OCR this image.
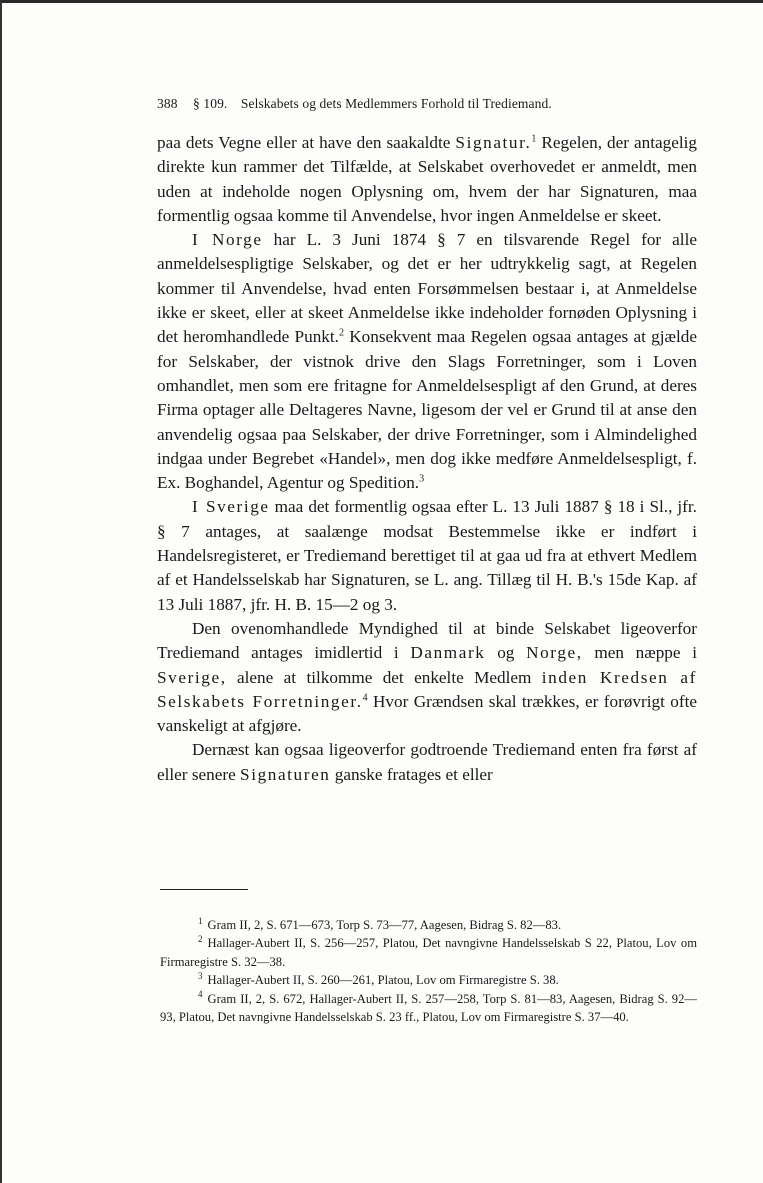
388 § 109. Selskabets og dets Medlemmers Forhold til Trediemand.

paa dets Vegne eller at have den saakaldte Signatur.$^1$ Regelen, der antagelig direkte kun rammer det Tilfælde, at Selskabet overhovedet er anmeldt, men uden at indeholde nogen Oplysning om, hvem der har Signaturen, maa formentlig ogsaa komme til Anvendelse, hvor ingen Anmeldelse er skeet.

I Norge har L. 3 Juni 1874 § 7 en tilsvarende Regel for alle anmeldelsespligtige Selskaber, og det er her udtrykkelig sagt, at Regelen kommer til Anvendelse, hvad enten Forsømmelsen bestaar i, at Anmeldelse ikke er skeet, eller at skeet Anmeldelse ikke indeholder fornøden Oplysning i det heromhandlede Punkt.$^2$ Konsekvent maa Regelen ogsaa antages at gjælde for Selskaber, der vistnok drive den Slags Forretninger, som i Loven omhandlet, men som ere fritagne for Anmeldelsespligt af den Grund, at deres Firma optager alle Deltageres Navne, ligesom der vel er Grund til at anse den anvendelig ogsaa paa Selskaber, der drive Forretninger, som i Almindelighed indgaa under Begrebet «Handel», men dog ikke medføre Anmeldelsespligt, f. Ex. Boghandel, Agentur og Spedition.$^3$

I Sverige maa det formentlig ogsaa efter L. 13 Juli 1887 § 18 i Sl., jfr. § 7 antages, at saalænge modsat Bestemmelse ikke er indført i Handelsregisteret, er Trediemand berettiget til at gaa ud fra at ethvert Medlem af et Handelsselskab har Signaturen, se L. ang. Tillæg til H. B.'s 15de Kap. af 13 Juli 1887, jfr. H. B. 15—2 og 3.

Den ovenomhandlede Myndighed til at binde Selskabet ligeoverfor Trediemand antages imidlertid i Danmark og Norge, men næppe i Sverige, alene at tilkomme det enkelte Medlem inden Kredsen af Selskabets Forretninger.$^4$ Hvor Grændsen skal trækkes, er forøvrigt ofte vanskeligt at afgjøre.

Dernæst kan ogsaa ligeoverfor godtroende Trediemand enten fra først af eller senere Signaturen ganske fratages et eller

$^1$ Gram II, 2, S. 671—673, Torp S. 73—77, Aagesen, Bidrag S. 82—83.

$^2$ Hallager-Aubert II, S. 256—257, Platou, Det navngivne Handelsselskab S 22, Platou, Lov om Firmaregistre S. 32—38.

$^3$ Hallager-Aubert II, S. 260—261, Platou, Lov om Firmaregistre S. 38.

$^4$ Gram II, 2, S. 672, Hallager-Aubert II, S. 257—258, Torp S. 81—83, Aagesen, Bidrag S. 92—93, Platou, Det navngivne Handelsselskab S. 23 ff., Platou, Lov om Firmaregistre S. 37—40.
